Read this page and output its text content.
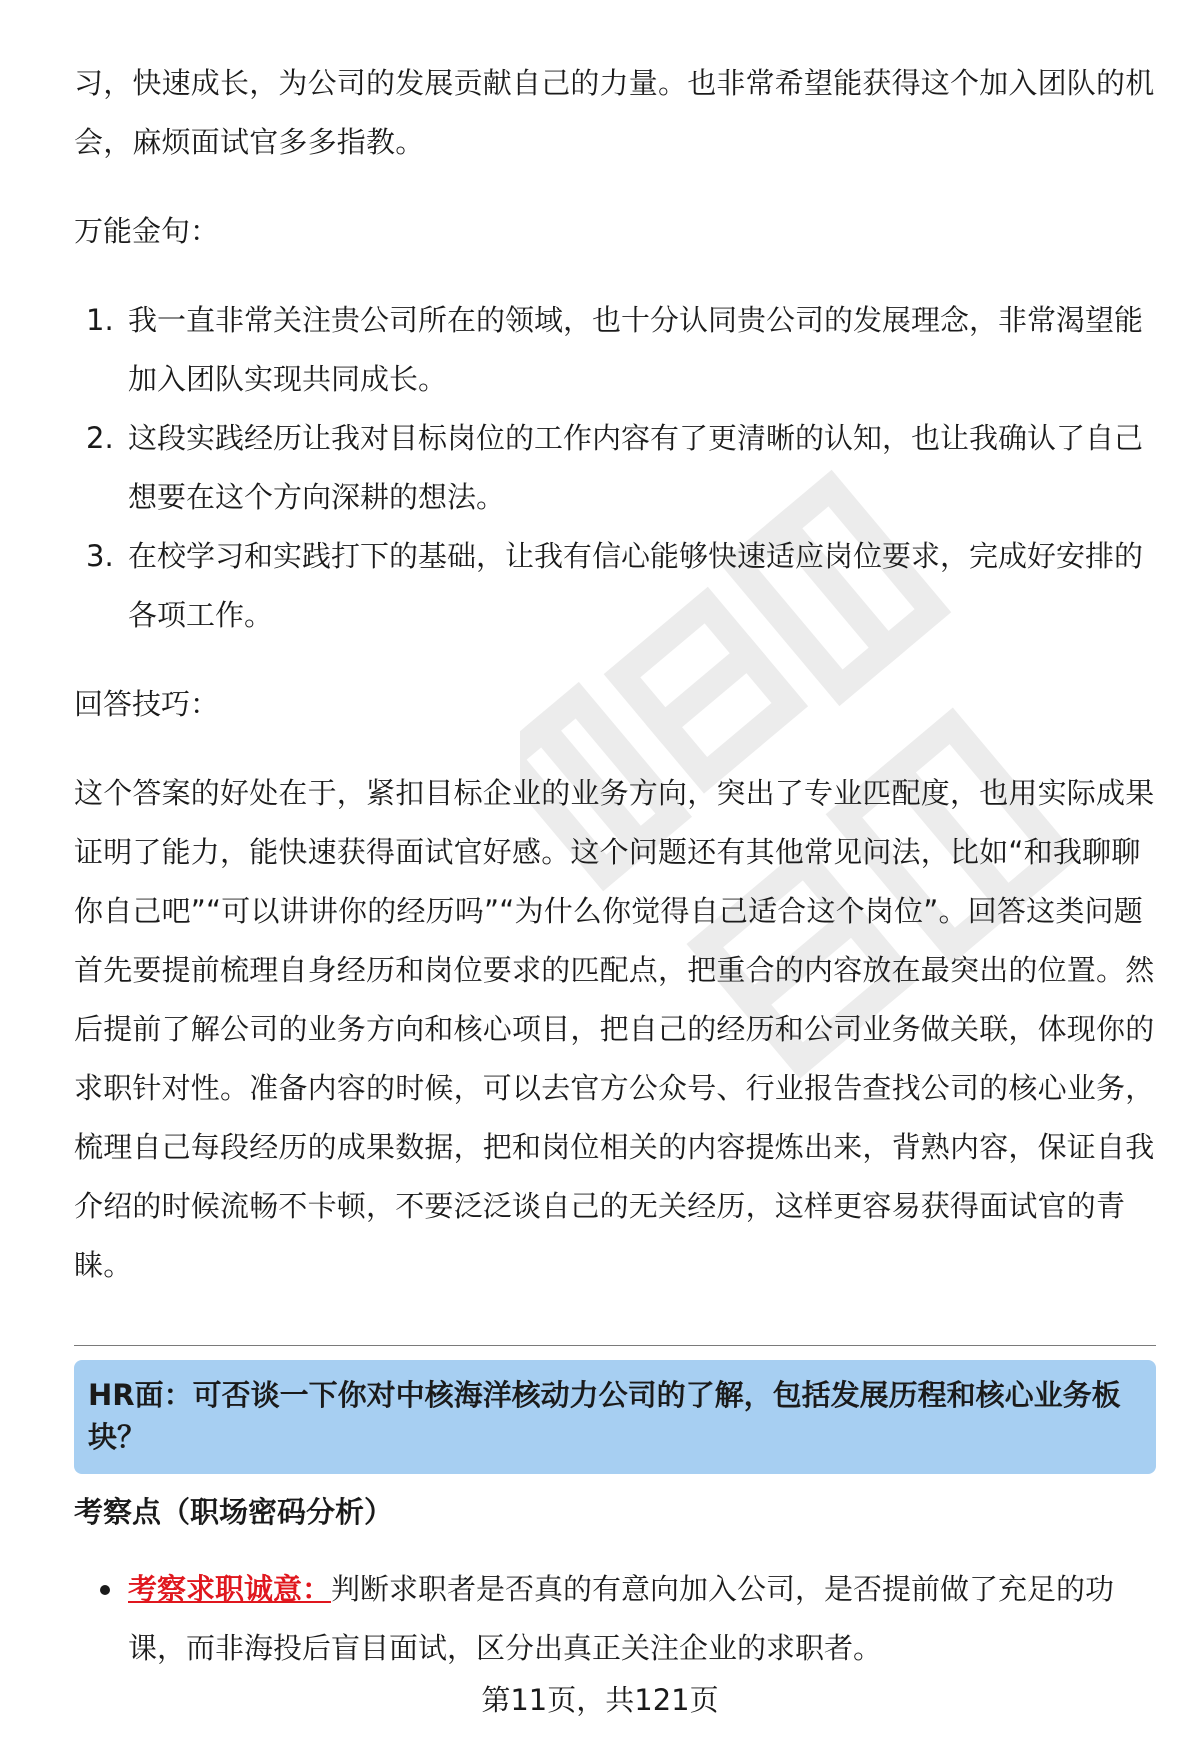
习，快速成长，为公司的发展贡献自己的力量。也非常希望能获得这个加入团队的机会，麻烦面试官多多指教。

万能金句：

1. 我一直非常关注贵公司所在的领域，也十分认同贵公司的发展理念，非常渴望能加入团队实现共同成长。
2. 这段实践经历让我对目标岗位的工作内容有了更清晰的认知，也让我确认了自己想要在这个方向深耕的想法。
3. 在校学习和实践打下的基础，让我有信心能够快速适应岗位要求，完成好安排的各项工作。

回答技巧：

这个答案的好处在于，紧扣目标企业的业务方向，突出了专业匹配度，也用实际成果证明了能力，能快速获得面试官好感。这个问题还有其他常见问法，比如“和我聊聊你自己吧”“可以讲讲你的经历吗”“为什么你觉得自己适合这个岗位”。回答这类问题首先要提前梳理自身经历和岗位要求的匹配点，把重合的内容放在最突出的位置。然后提前了解公司的业务方向和核心项目，把自己的经历和公司业务做关联，体现你的求职针对性。准备内容的时候，可以去官方公众号、行业报告查找公司的核心业务，梳理自己每段经历的成果数据，把和岗位相关的内容提炼出来，背熟内容，保证自我介绍的时候流畅不卡顿，不要泛泛谈自己的无关经历，这样更容易获得面试官的青睐。

HR面：可否谈一下你对中核海洋核动力公司的了解，包括发展历程和核心业务板块？

考察点（职场密码分析）

考察求职诚意：判断求职者是否真的有意向加入公司，是否提前做了充足的功课，而非海投后盲目面试，区分出真正关注企业的求职者。
第11页，共121页
